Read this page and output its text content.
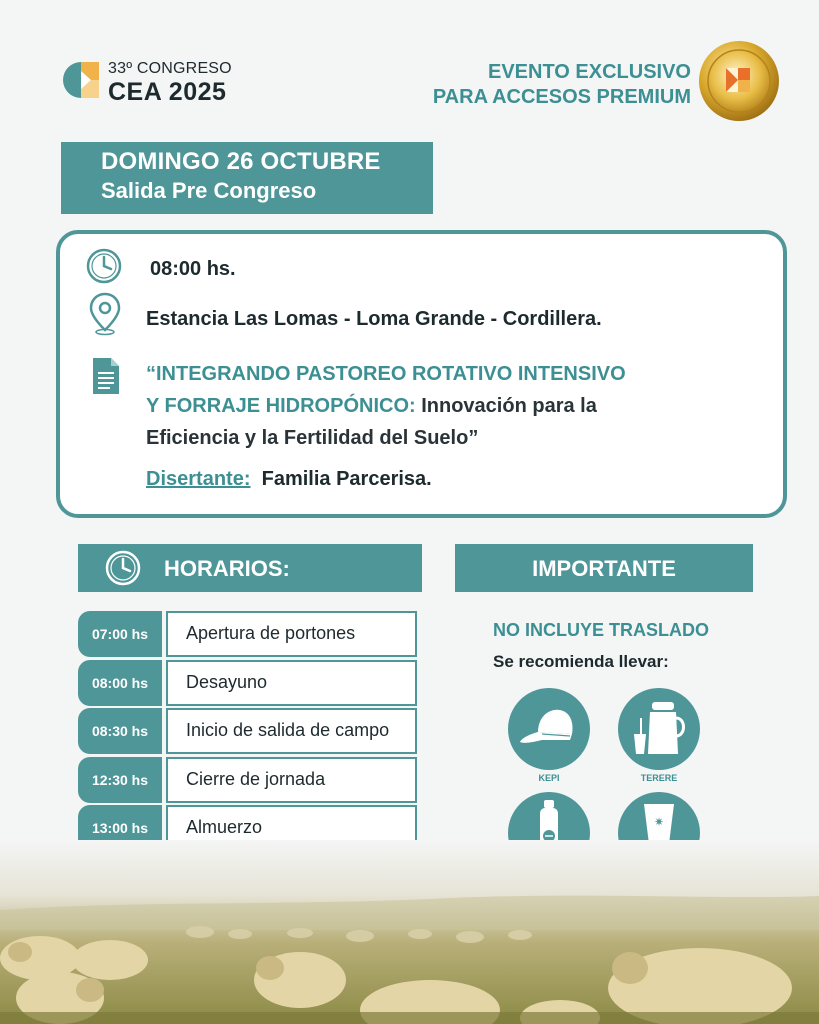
33º CONGRESO
CEA 2025
EVENTO EXCLUSIVO
PARA ACCESOS PREMIUM
DOMINGO 26 OCTUBRE
Salida Pre Congreso
08:00 hs.
Estancia Las Lomas - Loma Grande - Cordillera.
“INTEGRANDO PASTOREO ROTATIVO INTENSIVO
Y FORRAJE HIDROPÓNICO: Innovación para la
Eficiencia y la Fertilidad del Suelo”
Disertante: Familia Parcerisa.
HORARIOS:
07:00 hs	Apertura de portones
08:00 hs	Desayuno
08:30 hs	Inicio de salida de campo
12:30 hs	Cierre de jornada
13:00 hs	Almuerzo
IMPORTANTE
NO INCLUYE TRASLADO
Se recomienda llevar:
KEPI	TERERE
✷
